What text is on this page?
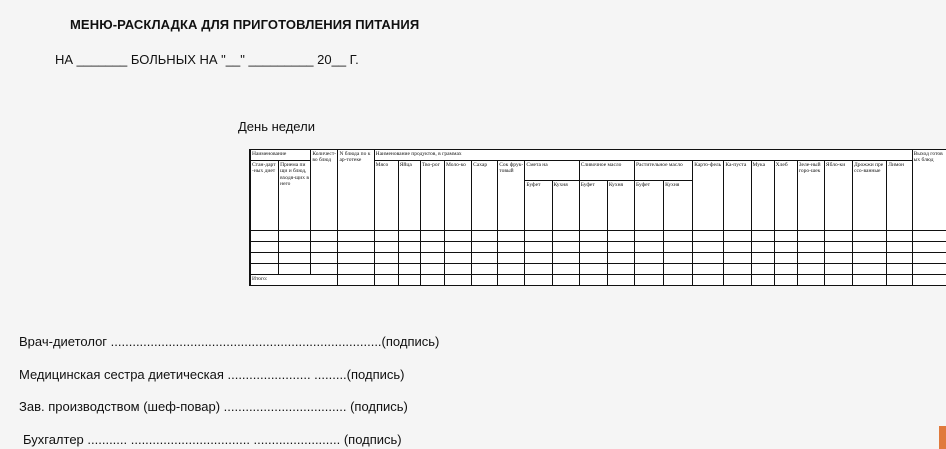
МЕНЮ-РАСКЛАДКА ДЛЯ ПРИГОТОВЛЕНИЯ ПИТАНИЯ
НА _______ БОЛЬНЫХ НА "__" _________ 20__ Г.
День недели
Наименование		Количест-во блюд	N блюда по кар-тотеке	Наименование продуктов, в граммах																				Выход готовых блюд
Стан-дарт-ных диет	Приема пищи и блюд, входя-щих в него			Мясо	Яйца	Тво-рог	Моло-ко	Сахар	Сок фрук-товый	Смета на		Сливочное масло		Растительное масло		Карто-фель	Ка-пуста	Мука	Хлеб	Зеле-ный горо-шек	Ябло-ки	Дрожжи прессо-ванные	Лимон	
										Буфет	Кухня	Буфет	Кухня	Буфет	Кухня									

Итого:																								
Врач-диетолог ...........................................................................(подпись)
Медицинская сестра диетическая ....................... .........(подпись)
Зав. производством (шеф-повар) .................................. (подпись)
Бухгалтер ........... ................................. ........................ (подпись)
